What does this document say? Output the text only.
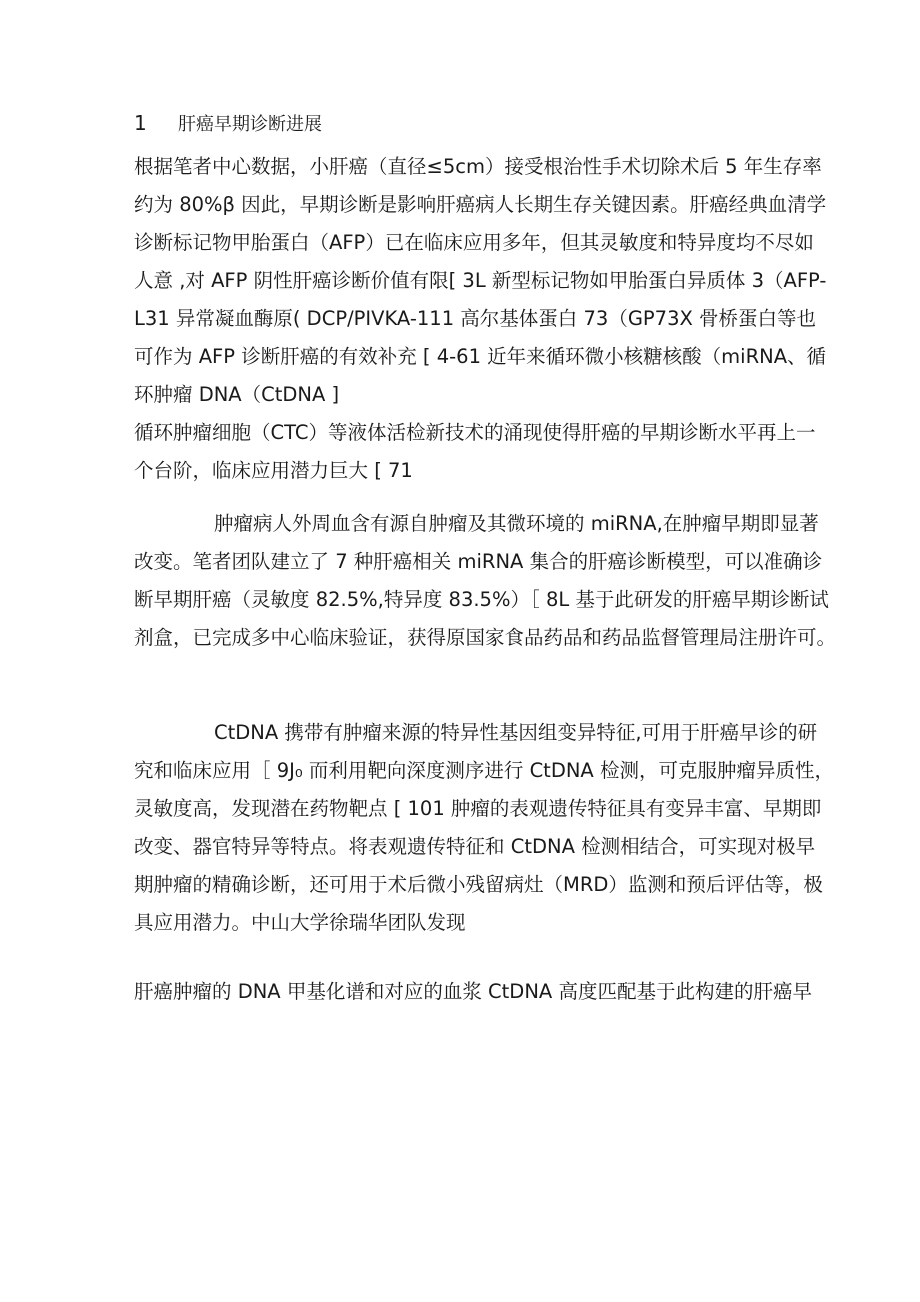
1 肝癌早期诊断进展
根据笔者中心数据，小肝癌（直径≤5cm）接受根治性手术切除术后 5 年生存率
约为 80%β 因此，早期诊断是影响肝癌病人长期生存关键因素。肝癌经典血清学
诊断标记物甲胎蛋白（AFP）已在临床应用多年，但其灵敏度和特异度均不尽如
人意 ,对 AFP 阴性肝癌诊断价值有限[ 3L 新型标记物如甲胎蛋白异质体 3（AFP-
L31 异常凝血酶原( DCP/PIVKA-111 高尔基体蛋白 73（GP73X 骨桥蛋白等也
可作为 AFP 诊断肝癌的有效补充 [ 4-61 近年来循环微小核糖核酸（miRNA、循
环肿瘤 DNA（CtDNA ]
循环肿瘤细胞（CTC）等液体活检新技术的涌现使得肝癌的早期诊断水平再上一
个台阶，临床应用潜力巨大 [ 71
肿瘤病人外周血含有源自肿瘤及其微环境的 miRNA,在肿瘤早期即显著
改变。笔者团队建立了 7 种肝癌相关 miRNA 集合的肝癌诊断模型，可以准确诊
断早期肝癌（灵敏度 82.5%,特异度 83.5%）［ 8L 基于此研发的肝癌早期诊断试
剂盒，已完成多中心临床验证，获得原国家食品药品和药品监督管理局注册许可。
CtDNA 携带有肿瘤来源的特异性基因组变异特征,可用于肝癌早诊的研
究和临床应用［ 9J₀ 而利用靶向深度测序进行 CtDNA 检测，可克服肿瘤异质性，
灵敏度高，发现潜在药物靶点 [ 101 肿瘤的表观遗传特征具有变异丰富、早期即
改变、器官特异等特点。将表观遗传特征和 CtDNA 检测相结合，可实现对极早
期肿瘤的精确诊断，还可用于术后微小残留病灶（MRD）监测和预后评估等，极
具应用潜力。中山大学徐瑞华团队发现
肝癌肿瘤的 DNA 甲基化谱和对应的血浆 CtDNA 高度匹配基于此构建的肝癌早
